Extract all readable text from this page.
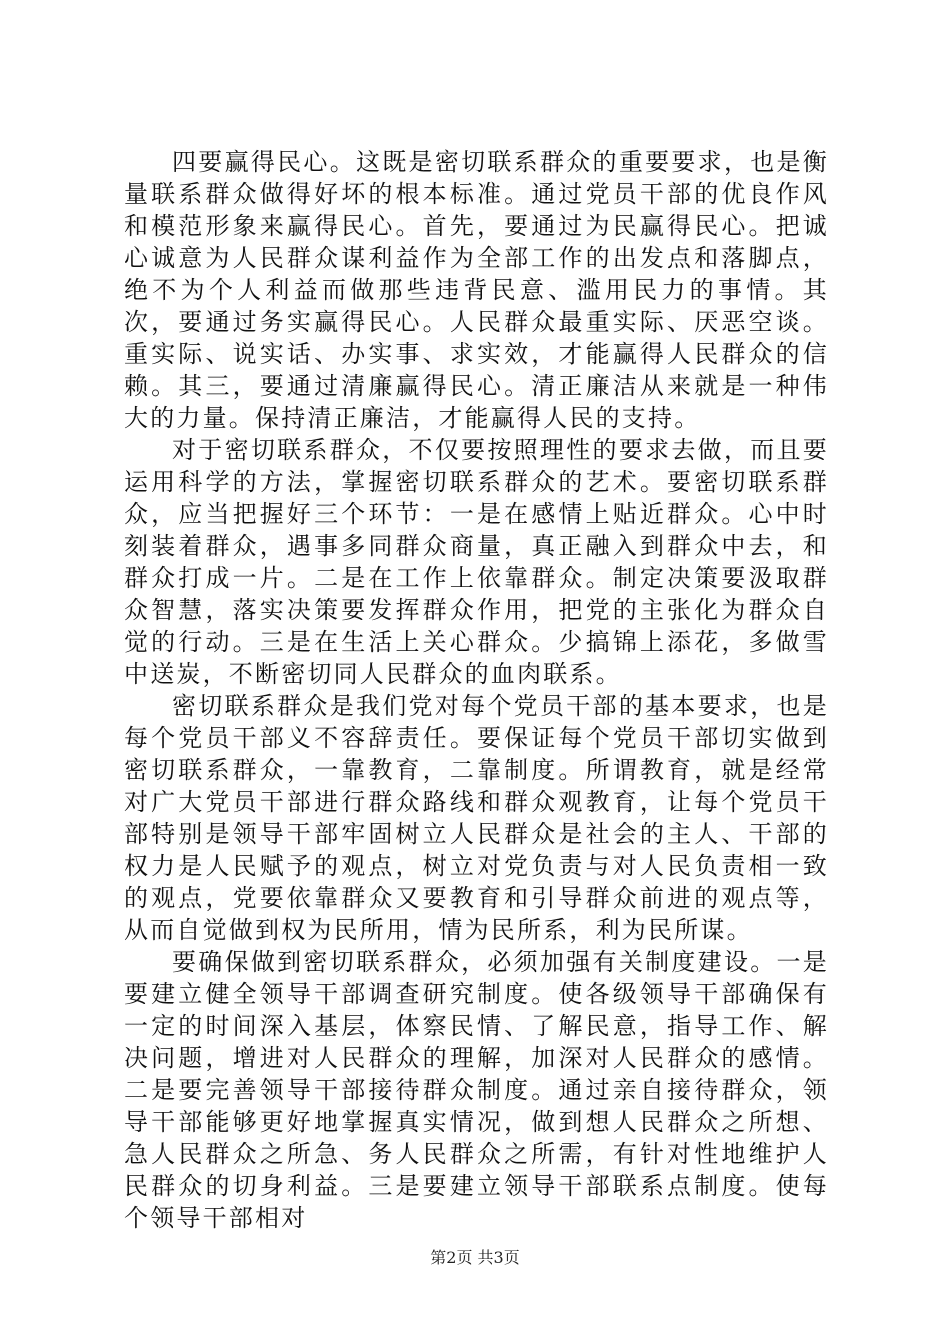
四要赢得民心。这既是密切联系群众的重要要求，也是衡量联系群众做得好坏的根本标准。通过党员干部的优良作风和模范形象来赢得民心。首先，要通过为民赢得民心。把诚心诚意为人民群众谋利益作为全部工作的出发点和落脚点，绝不为个人利益而做那些违背民意、滥用民力的事情。其次，要通过务实赢得民心。人民群众最重实际、厌恶空谈。重实际、说实话、办实事、求实效，才能赢得人民群众的信赖。其三，要通过清廉赢得民心。清正廉洁从来就是一种伟大的力量。保持清正廉洁，才能赢得人民的支持。

对于密切联系群众，不仅要按照理性的要求去做，而且要运用科学的方法，掌握密切联系群众的艺术。要密切联系群众，应当把握好三个环节：一是在感情上贴近群众。心中时刻装着群众，遇事多同群众商量，真正融入到群众中去，和群众打成一片。二是在工作上依靠群众。制定决策要汲取群众智慧，落实决策要发挥群众作用，把党的主张化为群众自觉的行动。三是在生活上关心群众。少搞锦上添花，多做雪中送炭，不断密切同人民群众的血肉联系。

密切联系群众是我们党对每个党员干部的基本要求，也是每个党员干部义不容辞责任。要保证每个党员干部切实做到密切联系群众，一靠教育，二靠制度。所谓教育，就是经常对广大党员干部进行群众路线和群众观教育，让每个党员干部特别是领导干部牢固树立人民群众是社会的主人、干部的权力是人民赋予的观点，树立对党负责与对人民负责相一致的观点，党要依靠群众又要教育和引导群众前进的观点等，从而自觉做到权为民所用，情为民所系，利为民所谋。

要确保做到密切联系群众，必须加强有关制度建设。一是要建立健全领导干部调查研究制度。使各级领导干部确保有一定的时间深入基层，体察民情、了解民意，指导工作、解决问题，增进对人民群众的理解，加深对人民群众的感情。二是要完善领导干部接待群众制度。通过亲自接待群众，领导干部能够更好地掌握真实情况，做到想人民群众之所想、急人民群众之所急、务人民群众之所需，有针对性地维护人民群众的切身利益。三是要建立领导干部联系点制度。使每个领导干部相对

第2页 共3页
